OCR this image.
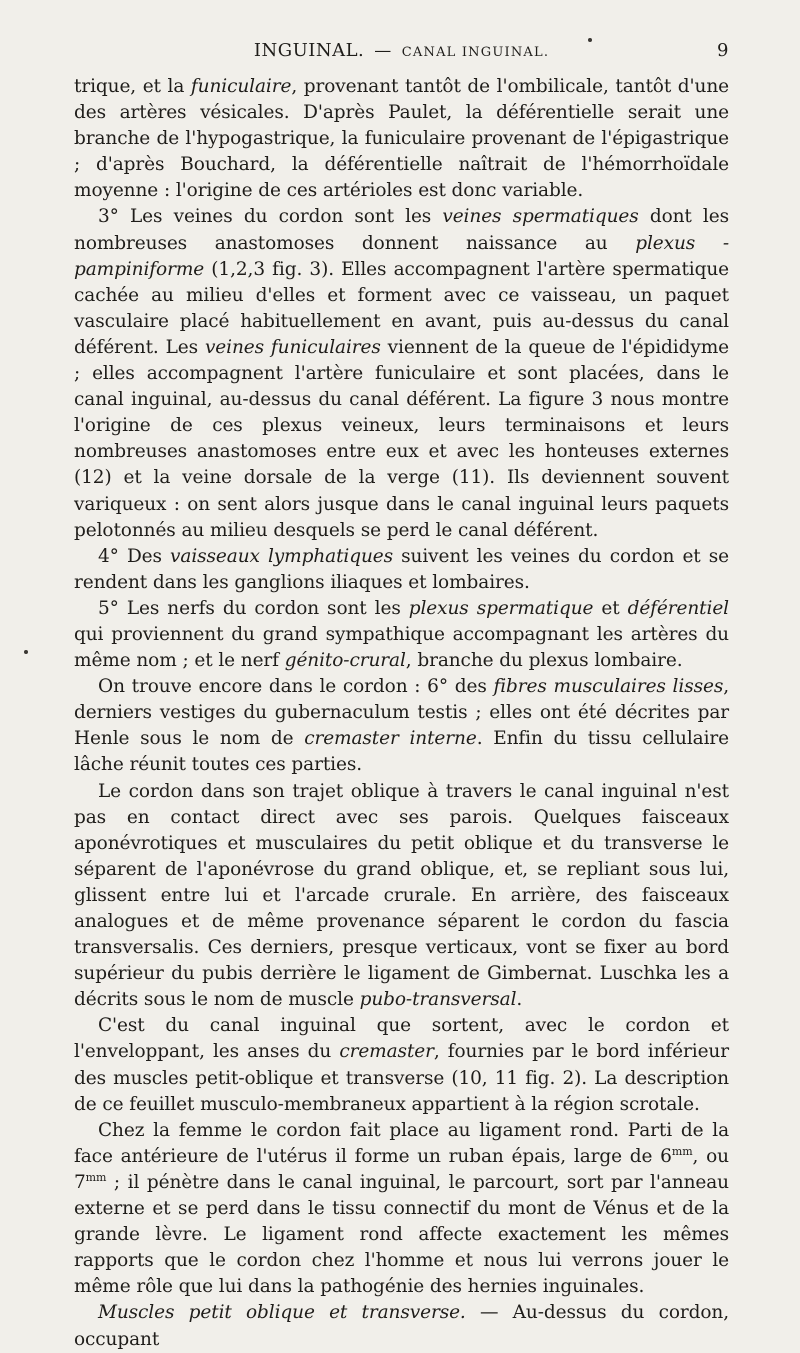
INGUINAL. — CANAL INGUINAL.	9

trique, et la funiculaire, provenant tantôt de l'ombilicale, tantôt d'une des artères vésicales. D'après Paulet, la déférentielle serait une branche de l'hypogastrique, la funiculaire provenant de l'épigastrique ; d'après Bouchard, la déférentielle naîtrait de l'hémorrhoïdale moyenne : l'origine de ces artérioles est donc variable.

3° Les veines du cordon sont les veines spermatiques dont les nombreuses anastomoses donnent naissance au plexus - pampiniforme (1,2,3 fig. 3). Elles accompagnent l'artère spermatique cachée au milieu d'elles et forment avec ce vaisseau, un paquet vasculaire placé habituellement en avant, puis au-dessus du canal déférent. Les veines funiculaires viennent de la queue de l'épididyme ; elles accompagnent l'artère funiculaire et sont placées, dans le canal inguinal, au-dessus du canal déférent. La figure 3 nous montre l'origine de ces plexus veineux, leurs terminaisons et leurs nombreuses anastomoses entre eux et avec les honteuses externes (12) et la veine dorsale de la verge (11). Ils deviennent souvent variqueux : on sent alors jusque dans le canal inguinal leurs paquets pelotonnés au milieu desquels se perd le canal déférent.

4° Des vaisseaux lymphatiques suivent les veines du cordon et se rendent dans les ganglions iliaques et lombaires.

5° Les nerfs du cordon sont les plexus spermatique et déférentiel qui proviennent du grand sympathique accompagnant les artères du même nom ; et le nerf génito-crural, branche du plexus lombaire.

On trouve encore dans le cordon : 6° des fibres musculaires lisses, derniers vestiges du gubernaculum testis ; elles ont été décrites par Henle sous le nom de cremaster interne. Enfin du tissu cellulaire lâche réunit toutes ces parties.

Le cordon dans son trajet oblique à travers le canal inguinal n'est pas en contact direct avec ses parois. Quelques faisceaux aponévrotiques et musculaires du petit oblique et du transverse le séparent de l'aponévrose du grand oblique, et, se repliant sous lui, glissent entre lui et l'arcade crurale. En arrière, des faisceaux analogues et de même provenance séparent le cordon du fascia transversalis. Ces derniers, presque verticaux, vont se fixer au bord supérieur du pubis derrière le ligament de Gimbernat. Luschka les a décrits sous le nom de muscle pubo-transversal.

C'est du canal inguinal que sortent, avec le cordon et l'enveloppant, les anses du cremaster, fournies par le bord inférieur des muscles petit-oblique et transverse (10, 11 fig. 2). La description de ce feuillet musculo-membraneux appartient à la région scrotale.

Chez la femme le cordon fait place au ligament rond. Parti de la face antérieure de l'utérus il forme un ruban épais, large de $6^{mm}$, ou $7^{mm}$ ; il pénètre dans le canal inguinal, le parcourt, sort par l'anneau externe et se perd dans le tissu connectif du mont de Vénus et de la grande lèvre. Le ligament rond affecte exactement les mêmes rapports que le cordon chez l'homme et nous lui verrons jouer le même rôle que lui dans la pathogénie des hernies inguinales.

Muscles petit oblique et transverse. — Au-dessus du cordon, occupant
